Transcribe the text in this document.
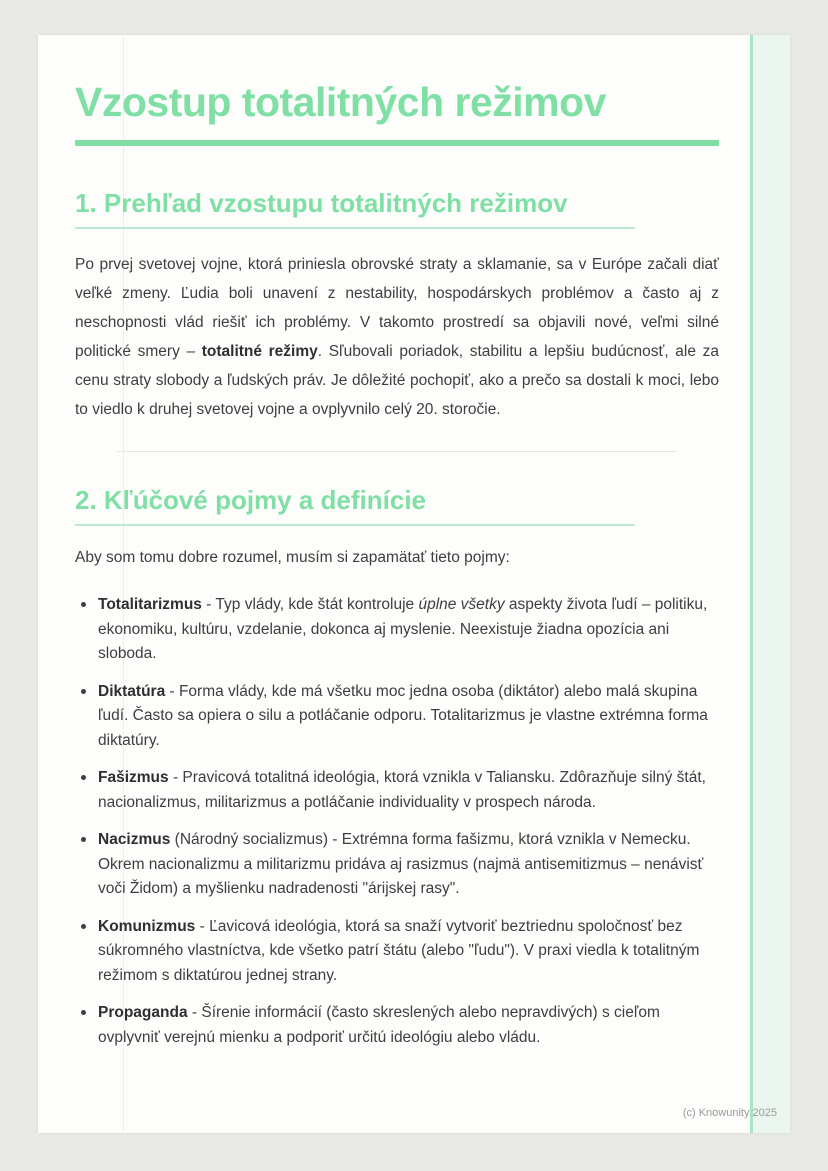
Vzostup totalitných režimov
1. Prehľad vzostupu totalitných režimov

Po prvej svetovej vojne, ktorá priniesla obrovské straty a sklamanie, sa v Európe začali diať veľké zmeny. Ľudia boli unavení z nestability, hospodárskych problémov a často aj z neschopnosti vlád riešiť ich problémy. V takomto prostredí sa objavili nové, veľmi silné politické smery – totalitné režimy. Sľubovali poriadok, stabilitu a lepšiu budúcnosť, ale za cenu straty slobody a ľudských práv. Je dôležité pochopiť, ako a prečo sa dostali k moci, lebo to viedlo k druhej svetovej vojne a ovplyvnilo celý 20. storočie.

2. Kľúčové pojmy a definície

Aby som tomu dobre rozumel, musím si zapamätať tieto pojmy:

Totalitarizmus - Typ vlády, kde štát kontroluje úplne všetky aspekty života ľudí – politiku, ekonomiku, kultúru, vzdelanie, dokonca aj myslenie. Neexistuje žiadna opozícia ani sloboda.
Diktatúra - Forma vlády, kde má všetku moc jedna osoba (diktátor) alebo malá skupina ľudí. Často sa opiera o silu a potláčanie odporu. Totalitarizmus je vlastne extrémna forma diktatúry.
Fašizmus - Pravicová totalitná ideológia, ktorá vznikla v Taliansku. Zdôrazňuje silný štát, nacionalizmus, militarizmus a potláčanie individuality v prospech národa.
Nacizmus (Národný socializmus) - Extrémna forma fašizmu, ktorá vznikla v Nemecku. Okrem nacionalizmu a militarizmu pridáva aj rasizmus (najmä antisemitizmus – nenávisť voči Židom) a myšlienku nadradenosti "árijskej rasy".
Komunizmus - Ľavicová ideológia, ktorá sa snaží vytvoriť beztriednu spoločnosť bez súkromného vlastníctva, kde všetko patrí štátu (alebo "ľudu"). V praxi viedla k totalitným režimom s diktatúrou jednej strany.
Propaganda - Šírenie informácií (často skreslených alebo nepravdivých) s cieľom ovplyvniť verejnú mienku a podporiť určitú ideológiu alebo vládu.
(c) Knowunity 2025
